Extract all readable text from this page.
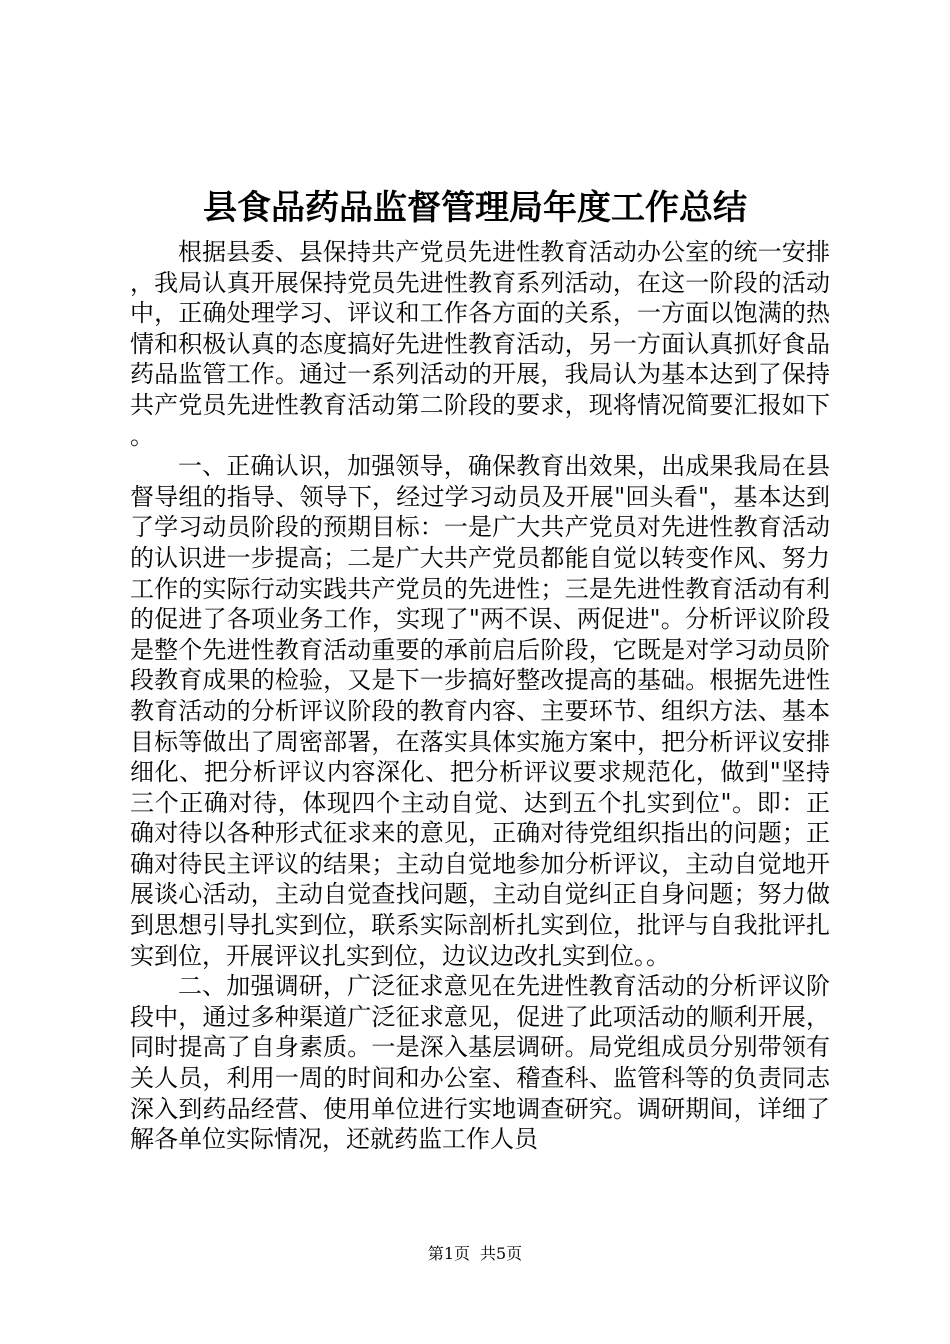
县食品药品监督管理局年度工作总结

根据县委、县保持共产党员先进性教育活动办公室的统一安排，我局认真开展保持党员先进性教育系列活动，在这一阶段的活动中，正确处理学习、评议和工作各方面的关系，一方面以饱满的热情和积极认真的态度搞好先进性教育活动，另一方面认真抓好食品药品监管工作。通过一系列活动的开展，我局认为基本达到了保持共产党员先进性教育活动第二阶段的要求，现将情况简要汇报如下。

一、正确认识，加强领导，确保教育出效果，出成果我局在县督导组的指导、领导下，经过学习动员及开展"回头看"，基本达到了学习动员阶段的预期目标：一是广大共产党员对先进性教育活动的认识进一步提高；二是广大共产党员都能自觉以转变作风、努力工作的实际行动实践共产党员的先进性；三是先进性教育活动有利的促进了各项业务工作，实现了"两不误、两促进"。分析评议阶段是整个先进性教育活动重要的承前启后阶段，它既是对学习动员阶段教育成果的检验，又是下一步搞好整改提高的基础。根据先进性教育活动的分析评议阶段的教育内容、主要环节、组织方法、基本目标等做出了周密部署，在落实具体实施方案中，把分析评议安排细化、把分析评议内容深化、把分析评议要求规范化，做到"坚持三个正确对待，体现四个主动自觉、达到五个扎实到位"。即：正确对待以各种形式征求来的意见，正确对待党组织指出的问题；正确对待民主评议的结果；主动自觉地参加分析评议，主动自觉地开展谈心活动，主动自觉查找问题，主动自觉纠正自身问题；努力做到思想引导扎实到位，联系实际剖析扎实到位，批评与自我批评扎实到位，开展评议扎实到位，边议边改扎实到位。。

二、加强调研，广泛征求意见在先进性教育活动的分析评议阶段中，通过多种渠道广泛征求意见，促进了此项活动的顺利开展，同时提高了自身素质。一是深入基层调研。局党组成员分别带领有关人员，利用一周的时间和办公室、稽查科、监管科等的负责同志深入到药品经营、使用单位进行实地调查研究。调研期间，详细了解各单位实际情况，还就药监工作人员

第1页 共5页
